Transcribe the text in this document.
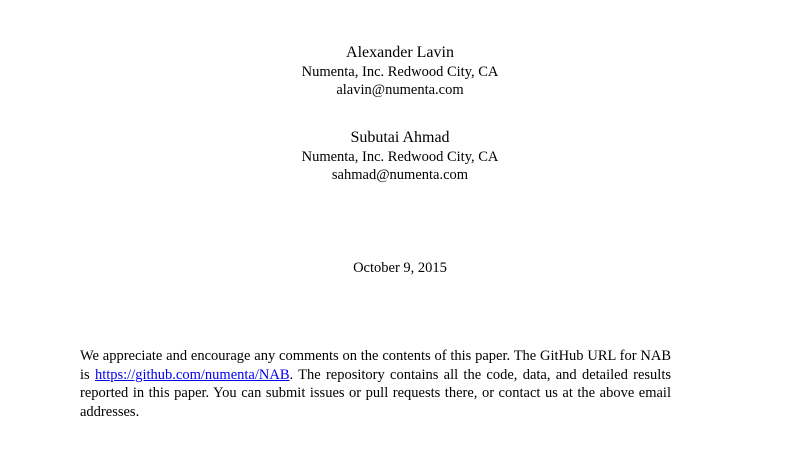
Alexander Lavin
Numenta, Inc. Redwood City, CA
alavin@numenta.com
Subutai Ahmad
Numenta, Inc. Redwood City, CA
sahmad@numenta.com
October 9, 2015

We appreciate and encourage any comments on the contents of this paper. The GitHub URL for NAB is https://github.com/numenta/NAB. The repository contains all the code, data, and detailed results reported in this paper. You can submit issues or pull requests there, or contact us at the above email addresses.
